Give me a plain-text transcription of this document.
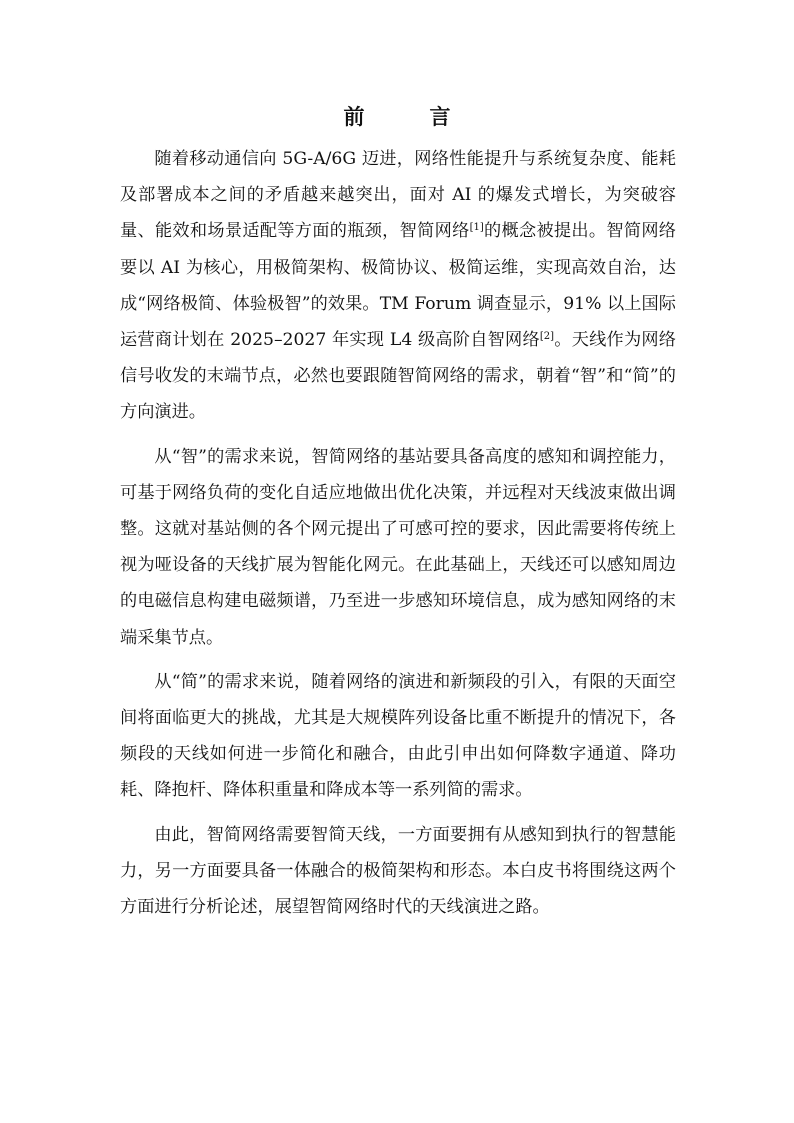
前　言

随着移动通信向 5G-A/6G 迈进，网络性能提升与系统复杂度、能耗及部署成本之间的矛盾越来越突出，面对 AI 的爆发式增长，为突破容量、能效和场景适配等方面的瓶颈，智简网络[1]的概念被提出。智简网络要以 AI 为核心，用极简架构、极简协议、极简运维，实现高效自治，达成“网络极简、体验极智”的效果。TM Forum 调查显示，91% 以上国际运营商计划在 2025–2027 年实现 L4 级高阶自智网络[2]。天线作为网络信号收发的末端节点，必然也要跟随智简网络的需求，朝着“智”和“简”的方向演进。

从“智”的需求来说，智简网络的基站要具备高度的感知和调控能力，可基于网络负荷的变化自适应地做出优化决策，并远程对天线波束做出调整。这就对基站侧的各个网元提出了可感可控的要求，因此需要将传统上视为哑设备的天线扩展为智能化网元。在此基础上，天线还可以感知周边的电磁信息构建电磁频谱，乃至进一步感知环境信息，成为感知网络的末端采集节点。

从“简”的需求来说，随着网络的演进和新频段的引入，有限的天面空间将面临更大的挑战，尤其是大规模阵列设备比重不断提升的情况下，各频段的天线如何进一步简化和融合，由此引申出如何降数字通道、降功耗、降抱杆、降体积重量和降成本等一系列简的需求。

由此，智简网络需要智简天线，一方面要拥有从感知到执行的智慧能力，另一方面要具备一体融合的极简架构和形态。本白皮书将围绕这两个方面进行分析论述，展望智简网络时代的天线演进之路。
